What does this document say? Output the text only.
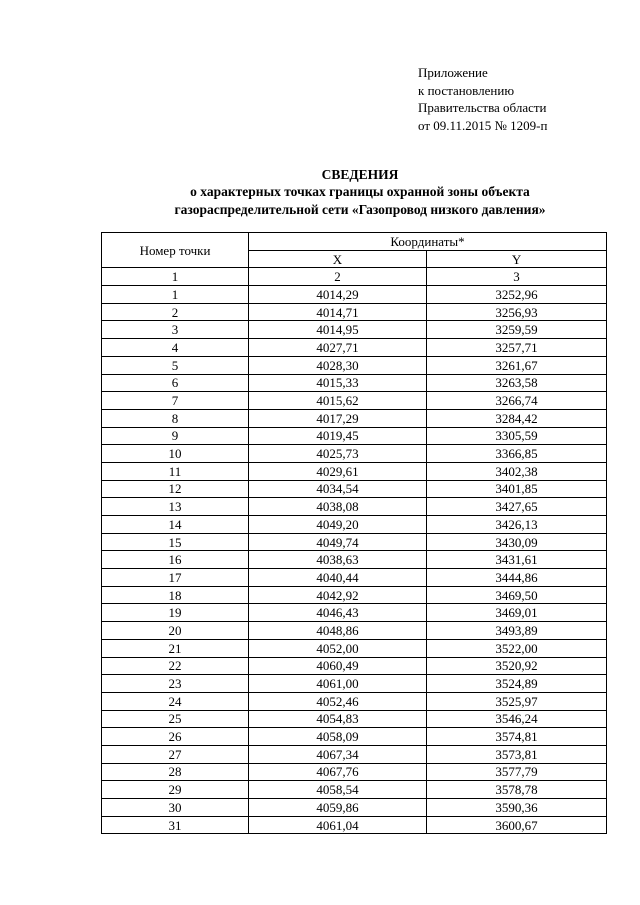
Приложение
к постановлению
Правительства области
от 09.11.2015 № 1209-п
СВЕДЕНИЯ
о характерных точках границы охранной зоны объекта
газораспределительной сети «Газопровод низкого давления»
Номер точки	Координаты*	
	X	Y
1	2	3
1	4014,29	3252,96
2	4014,71	3256,93
3	4014,95	3259,59
4	4027,71	3257,71
5	4028,30	3261,67
6	4015,33	3263,58
7	4015,62	3266,74
8	4017,29	3284,42
9	4019,45	3305,59
10	4025,73	3366,85
11	4029,61	3402,38
12	4034,54	3401,85
13	4038,08	3427,65
14	4049,20	3426,13
15	4049,74	3430,09
16	4038,63	3431,61
17	4040,44	3444,86
18	4042,92	3469,50
19	4046,43	3469,01
20	4048,86	3493,89
21	4052,00	3522,00
22	4060,49	3520,92
23	4061,00	3524,89
24	4052,46	3525,97
25	4054,83	3546,24
26	4058,09	3574,81
27	4067,34	3573,81
28	4067,76	3577,79
29	4058,54	3578,78
30	4059,86	3590,36
31	4061,04	3600,67
